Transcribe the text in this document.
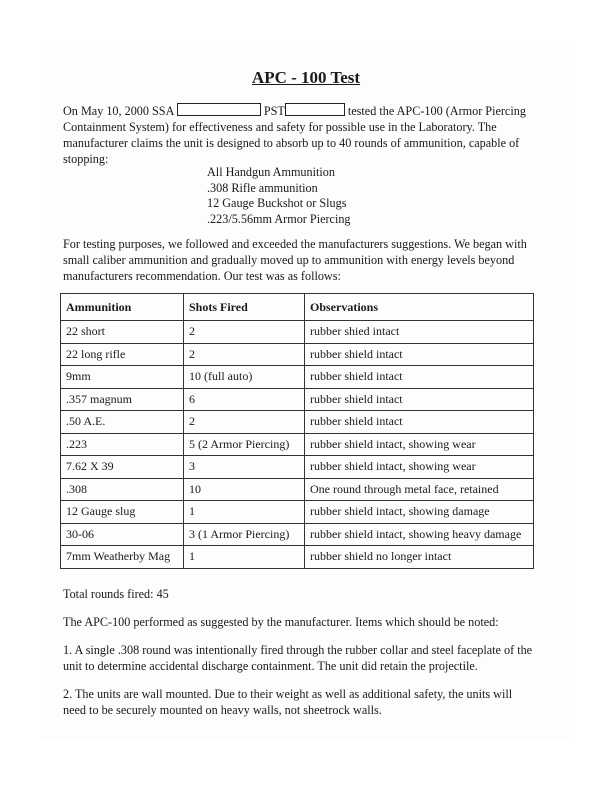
APC - 100 Test

On May 10, 2000 SSA	PST	tested the APC-100 (Armor Piercing Containment System) for effectiveness and safety for possible use in the Laboratory. The manufacturer claims the unit is designed to absorb up to 40 rounds of ammunition, capable of stopping:

All Handgun Ammunition
.308 Rifle ammunition
12 Gauge Buckshot or Slugs
.223/5.56mm Armor Piercing

For testing purposes, we followed and exceeded the manufacturers suggestions. We began with small caliber ammunition and gradually moved up to ammunition with energy levels beyond manufacturers recommendation. Our test was as follows:

Ammunition	Shots Fired	Observations
22 short	2	rubber shied intact
22 long rifle	2	rubber shield intact
9mm	10 (full auto)	rubber shield intact
.357 magnum	6	rubber shield intact
.50 A.E.	2	rubber shield intact
.223	5 (2 Armor Piercing)	rubber shield intact, showing wear
7.62 X 39	3	rubber shield intact, showing wear
.308	10	One round through metal face, retained
12 Gauge slug	1	rubber shield intact, showing damage
30-06	3 (1 Armor Piercing)	rubber shield intact, showing heavy damage
7mm Weatherby Mag	1	rubber shield no longer intact
Total rounds fired: 45

The APC-100 performed as suggested by the manufacturer. Items which should be noted:

1. A single .308 round was intentionally fired through the rubber collar and steel faceplate of the unit to determine accidental discharge containment. The unit did retain the projectile.

2. The units are wall mounted. Due to their weight as well as additional safety, the units will need to be securely mounted on heavy walls, not sheetrock walls.
